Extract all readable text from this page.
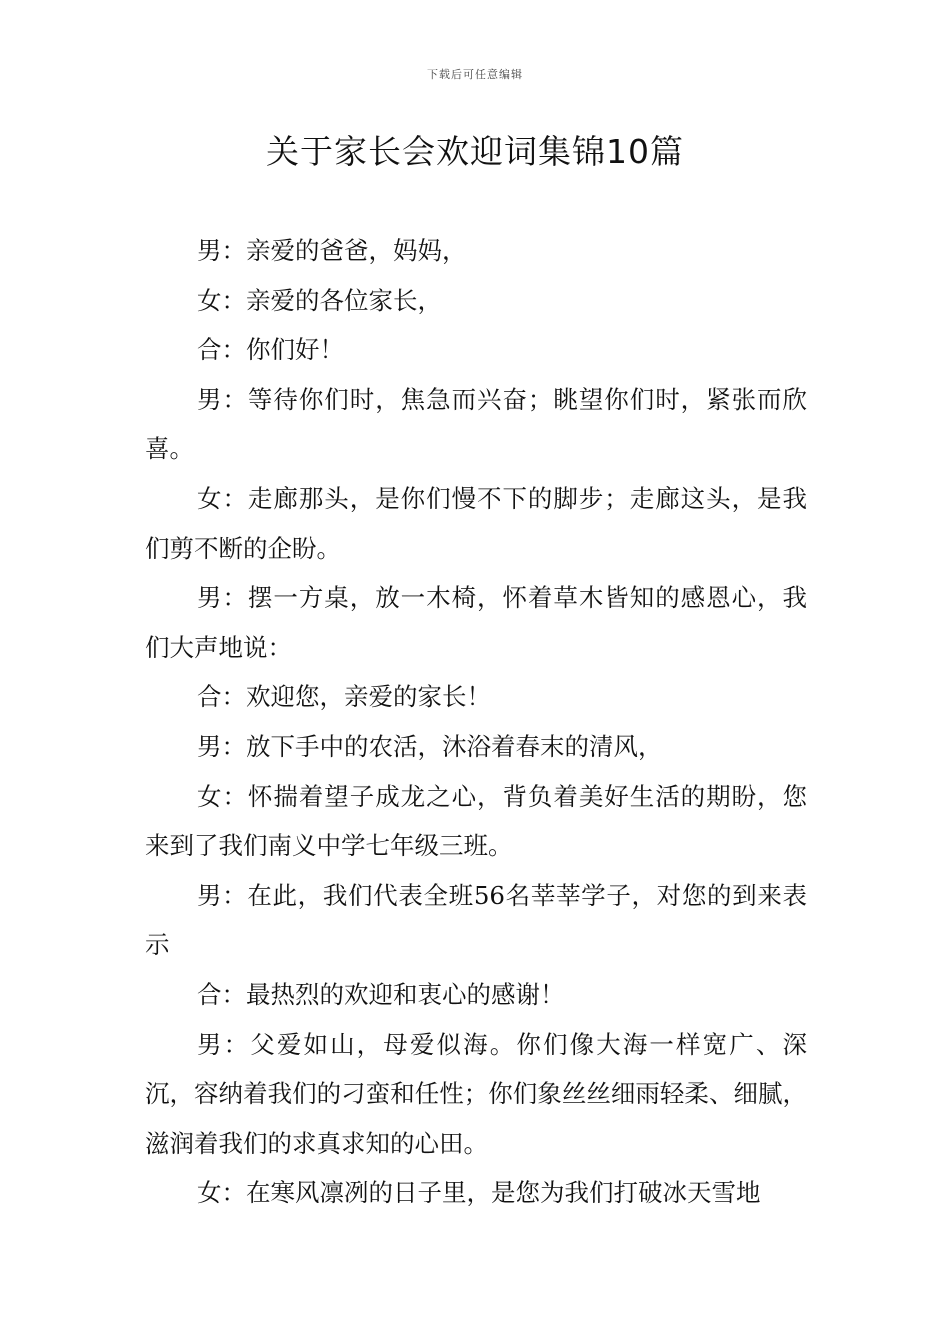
下载后可任意编辑
关于家长会欢迎词集锦10篇

男：亲爱的爸爸，妈妈，

女：亲爱的各位家长，

合：你们好！

男：等待你们时，焦急而兴奋；眺望你们时，紧张而欣喜。

女：走廊那头，是你们慢不下的脚步；走廊这头，是我们剪不断的企盼。

男：摆一方桌，放一木椅，怀着草木皆知的感恩心，我们大声地说：

合：欢迎您，亲爱的家长！

男：放下手中的农活，沐浴着春末的清风，

女：怀揣着望子成龙之心，背负着美好生活的期盼，您来到了我们南义中学七年级三班。

男：在此，我们代表全班56名莘莘学子，对您的到来表示

合：最热烈的欢迎和衷心的感谢！

男：父爱如山，母爱似海。你们像大海一样宽广、深沉，容纳着我们的刁蛮和任性；你们象丝丝细雨轻柔、细腻，滋润着我们的求真求知的心田。

女：在寒风凛冽的日子里，是您为我们打破冰天雪地
